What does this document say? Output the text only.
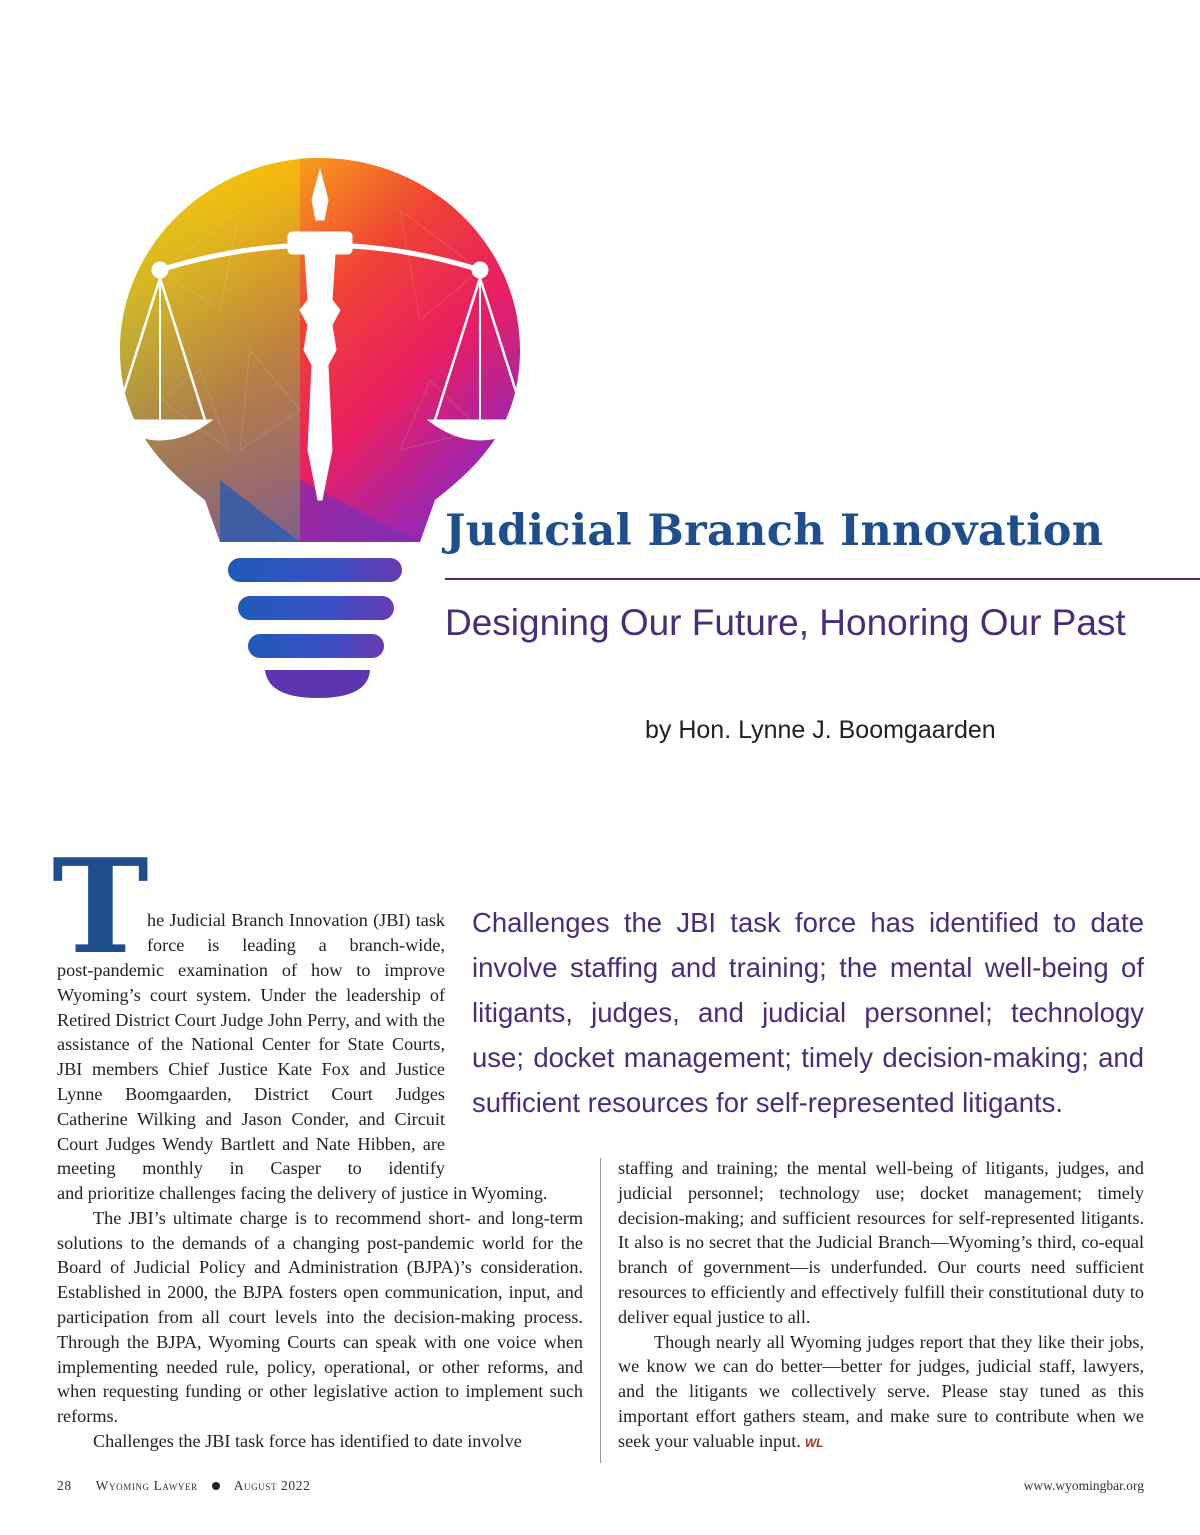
Judicial Branch Innovation
Designing Our Future, Honoring Our Past
by Hon. Lynne J. Boomgaarden
T

he Judicial Branch Innovation (JBI) task force is leading a branch-wide,

post-pandemic examination of how to improve Wyoming’s court system. Under the leadership of Retired District Court Judge John Perry, and with the assistance of the National Center for State Courts, JBI members Chief Justice Kate Fox and Justice Lynne Boomgaarden, District Court Judges Catherine Wilking and Jason Conder, and Circuit Court Judges Wendy Bartlett and Nate Hibben, are meeting monthly in Casper to identify

Challenges the JBI task force has identified to date involve staffing and training; the mental well-being of litigants, judges, and judicial personnel; technology use; docket management; timely decision-making; and sufficient resources for self-represented litigants.

and prioritize challenges facing the delivery of justice in Wyoming.
The JBI’s ultimate charge is to recommend short- and long-term solutions to the demands of a changing post-pandemic world for the Board of Judicial Policy and Administration (BJPA)’s consideration. Established in 2000, the BJPA fosters open communication, input, and participation from all court levels into the decision-making process. Through the BJPA, Wyoming Courts can speak with one voice when implementing needed rule, policy, operational, or other reforms, and when requesting funding or other legislative action to implement such reforms.
Challenges the JBI task force has identified to date involve

staffing and training; the mental well-being of litigants, judges, and judicial personnel; technology use; docket management; timely decision-making; and sufficient resources for self-represented litigants. It also is no secret that the Judicial Branch—Wyoming’s third, co-equal branch of government—is underfunded. Our courts need sufficient resources to efficiently and effectively fulfill their constitutional duty to deliver equal justice to all.
Though nearly all Wyoming judges report that they like their jobs, we know we can do better—better for judges, judicial staff, lawyers, and the litigants we collectively serve. Please stay tuned as this important effort gathers steam, and make sure to contribute when we seek your valuable input. WL

28 Wyoming Lawyer	August 2022	www.wyomingbar.org
